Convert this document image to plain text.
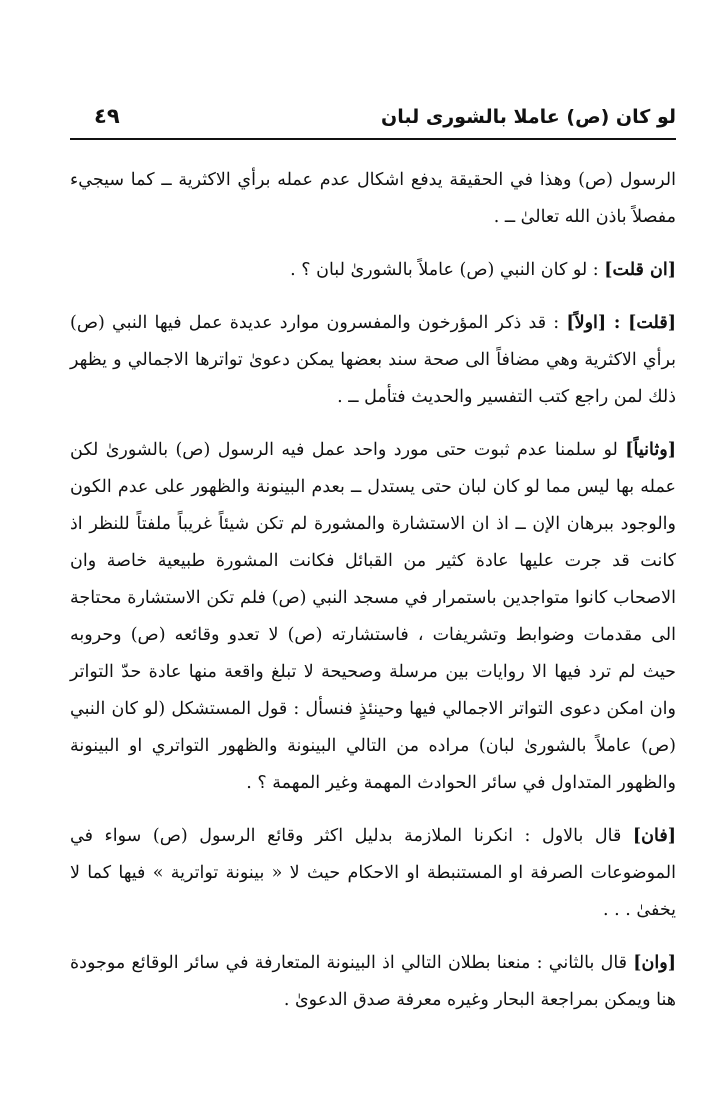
لو كان (ص) عاملا بالشورى لبان
٤٩

الرسول (ص) وهذا في الحقيقة يدفع اشكال عدم عمله برأي الاكثرية ــ كما سيجيء مفصلاً باذن الله تعالىٰ ــ .

[ان قلت] : لو كان النبي (ص) عاملاً بالشورىٰ لبان ؟ .

[قلت] : [اولاً] : قد ذكر المؤرخون والمفسرون موارد عديدة عمل فيها النبي (ص) برأي الاكثرية وهي مضافاً الى صحة سند بعضها يمكن دعوىٰ تواترها الاجمالي و يظهر ذلك لمن راجع كتب التفسير والحديث فتأمل ــ .

[وثانياً] لو سلمنا عدم ثبوت حتى مورد واحد عمل فيه الرسول (ص) بالشورىٰ لكن عمله بها ليس مما لو كان لبان حتى يستدل ــ بعدم البينونة والظهور على عدم الكون والوجود ببرهان الإن ــ اذ ان الاستشارة والمشورة لم تكن شيئاً غريباً ملفتاً للنظر اذ كانت قد جرت عليها عادة كثير من القبائل فكانت المشورة طبيعية خاصة وان الاصحاب كانوا متواجدين باستمرار في مسجد النبي (ص) فلم تكن الاستشارة محتاجة الى مقدمات وضوابط وتشريفات ، فاستشارته (ص) لا تعدو وقائعه (ص) وحروبه حيث لم ترد فيها الا روايات بين مرسلة وصحيحة لا تبلغ واقعة منها عادة حدّ التواتر وان امكن دعوى التواتر الاجمالي فيها وحينئذٍ فنسأل : قول المستشكل (لو كان النبي (ص) عاملاً بالشورىٰ لبان) مراده من التالي البينونة والظهور التواتري او البينونة والظهور المتداول في سائر الحوادث المهمة وغير المهمة ؟ .

[فان] قال بالاول : انكرنا الملازمة بدليل اكثر وقائع الرسول (ص) سواء في الموضوعات الصرفة او المستنبطة او الاحكام حيث لا « بينونة تواترية » فيها كما لا يخفىٰ . . .

[وان] قال بالثاني : منعنا بطلان التالي اذ البينونة المتعارفة في سائر الوقائع موجودة هنا ويمكن بمراجعة البحار وغيره معرفة صدق الدعوىٰ .
